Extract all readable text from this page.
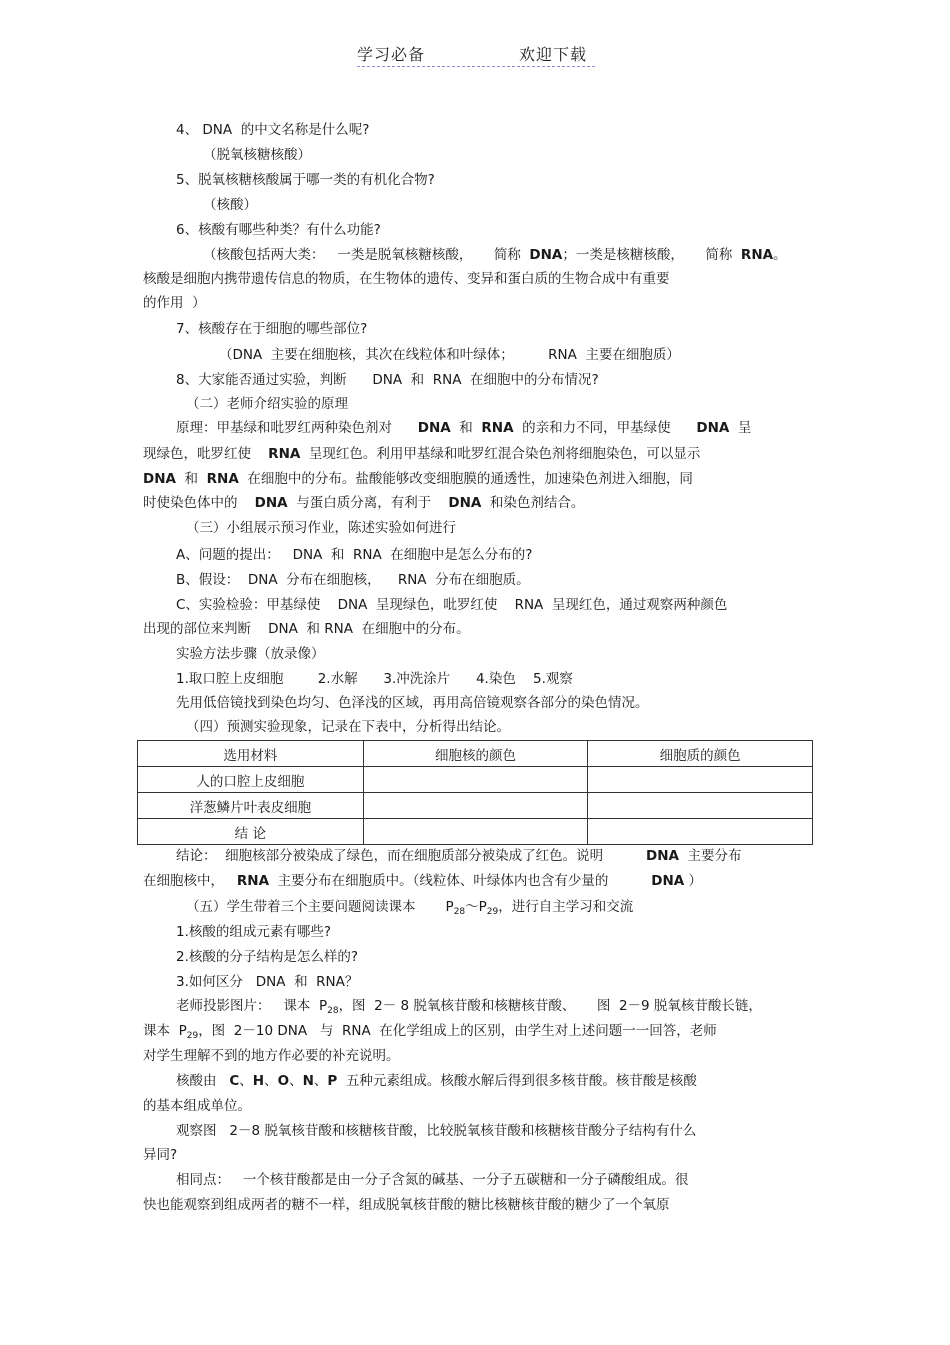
学习必备	欢迎下载
4、 DNA  的中文名称是什么呢?
（脱氧核糖核酸）
5、脱氧核糖核酸属于哪一类的有机化合物?
（核酸）
6、核酸有哪些种类？有什么功能?
（核酸包括两大类：   一类是脱氧核糖核酸，     简称  DNA；一类是核糖核酸，     简称  RNA。
核酸是细胞内携带遗传信息的物质，在生物体的遗传、变异和蛋白质的生物合成中有重要
的作用  ）
7、核酸存在于细胞的哪些部位?
（DNA  主要在细胞核，其次在线粒体和叶绿体；        RNA  主要在细胞质）
8、大家能否通过实验，判断      DNA  和  RNA  在细胞中的分布情况?
（二）老师介绍实验的原理
原理：甲基绿和吡罗红两种染色剂对      DNA  和  RNA  的亲和力不同，甲基绿使      DNA  呈
现绿色，吡罗红使    RNA  呈现红色。利用甲基绿和吡罗红混合染色剂将细胞染色，可以显示
DNA  和  RNA  在细胞中的分布。盐酸能够改变细胞膜的通透性，加速染色剂进入细胞，同
时使染色体中的    DNA  与蛋白质分离，有利于    DNA  和染色剂结合。
（三）小组展示预习作业，陈述实验如何进行
A、问题的提出：   DNA  和  RNA  在细胞中是怎么分布的?
B、假设：  DNA  分布在细胞核，    RNA  分布在细胞质。
C、实验检验：甲基绿使    DNA  呈现绿色，吡罗红使    RNA  呈现红色，通过观察两种颜色
出现的部位来判断    DNA  和 RNA  在细胞中的分布。
实验方法步骤（放录像）
1.取口腔上皮细胞        2.水解      3.冲洗涂片      4.染色    5.观察
先用低倍镜找到染色均匀、色泽浅的区域，再用高倍镜观察各部分的染色情况。
（四）预测实验现象，记录在下表中，分析得出结论。
选用材料	细胞核的颜色	细胞质的颜色
人的口腔上皮细胞		
洋葱鳞片叶表皮细胞		
结 论		
结论：  细胞核部分被染成了绿色，而在细胞质部分被染成了红色。说明          DNA  主要分布
在细胞核中，   RNA  主要分布在细胞质中。（线粒体、叶绿体内也含有少量的          DNA ）
（五）学生带着三个主要问题阅读课本       $P_{28}\sim P_{29}$，进行自主学习和交流
1.核酸的组成元素有哪些?
2.核酸的分子结构是怎么样的?
3.如何区分   DNA  和  RNA？
老师投影图片：   课本  $P_{28}$，图  2－ 8 脱氧核苷酸和核糖核苷酸、     图  2－9 脱氧核苷酸长链，
课本  $P_{29}$，图  2－10 DNA   与  RNA  在化学组成上的区别，由学生对上述问题一一回答，老师
对学生理解不到的地方作必要的补充说明。
核酸由   C、H、O、N、P  五种元素组成。核酸水解后得到很多核苷酸。核苷酸是核酸
的基本组成单位。
观察图   2－8 脱氧核苷酸和核糖核苷酸，比较脱氧核苷酸和核糖核苷酸分子结构有什么
异同?
相同点：   一个核苷酸都是由一分子含氮的碱基、一分子五碳糖和一分子磷酸组成。很
快也能观察到组成两者的糖不一样，组成脱氧核苷酸的糖比核糖核苷酸的糖少了一个氧原
